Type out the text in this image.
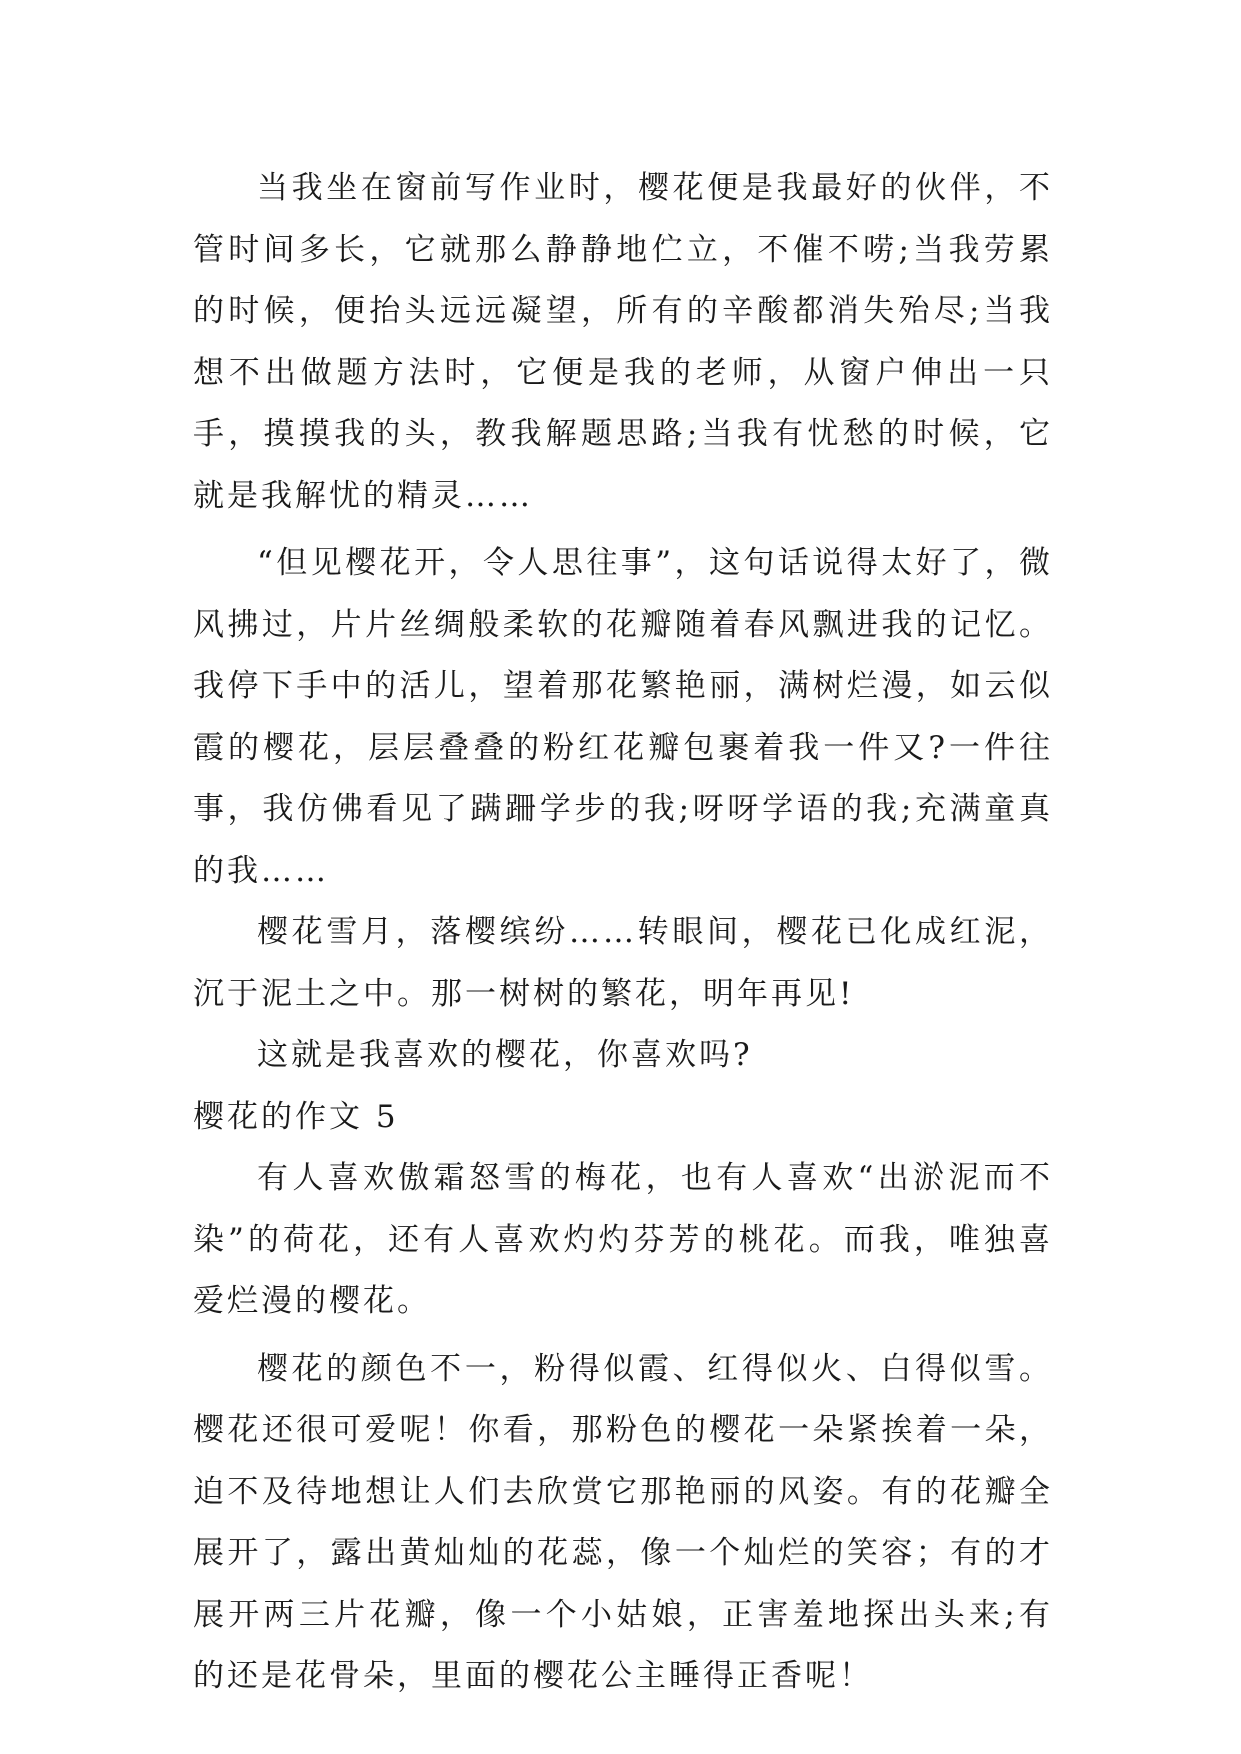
当我坐在窗前写作业时，樱花便是我最好的伙伴，不管时间多长，它就那么静静地伫立，不催不唠;当我劳累的时候，便抬头远远凝望，所有的辛酸都消失殆尽;当我想不出做题方法时，它便是我的老师，从窗户伸出一只手，摸摸我的头，教我解题思路;当我有忧愁的时候，它就是我解忧的精灵……

“但见樱花开，令人思往事”，这句话说得太好了，微风拂过，片片丝绸般柔软的花瓣随着春风飘进我的记忆。我停下手中的活儿，望着那花繁艳丽，满树烂漫，如云似霞的樱花，层层叠叠的粉红花瓣包裹着我一件又?一件往事，我仿佛看见了蹒跚学步的我;呀呀学语的我;充满童真的我……

樱花雪月，落樱缤纷……转眼间，樱花已化成红泥，沉于泥土之中。那一树树的繁花，明年再见!

这就是我喜欢的樱花，你喜欢吗?

樱花的作文 5

有人喜欢傲霜怒雪的梅花，也有人喜欢“出淤泥而不染”的荷花，还有人喜欢灼灼芬芳的桃花。而我，唯独喜爱烂漫的樱花。

樱花的颜色不一，粉得似霞、红得似火、白得似雪。樱花还很可爱呢！你看，那粉色的樱花一朵紧挨着一朵，迫不及待地想让人们去欣赏它那艳丽的风姿。有的花瓣全展开了，露出黄灿灿的花蕊，像一个灿烂的笑容；有的才展开两三片花瓣，像一个小姑娘，正害羞地探出头来;有的还是花骨朵，里面的樱花公主睡得正香呢！
